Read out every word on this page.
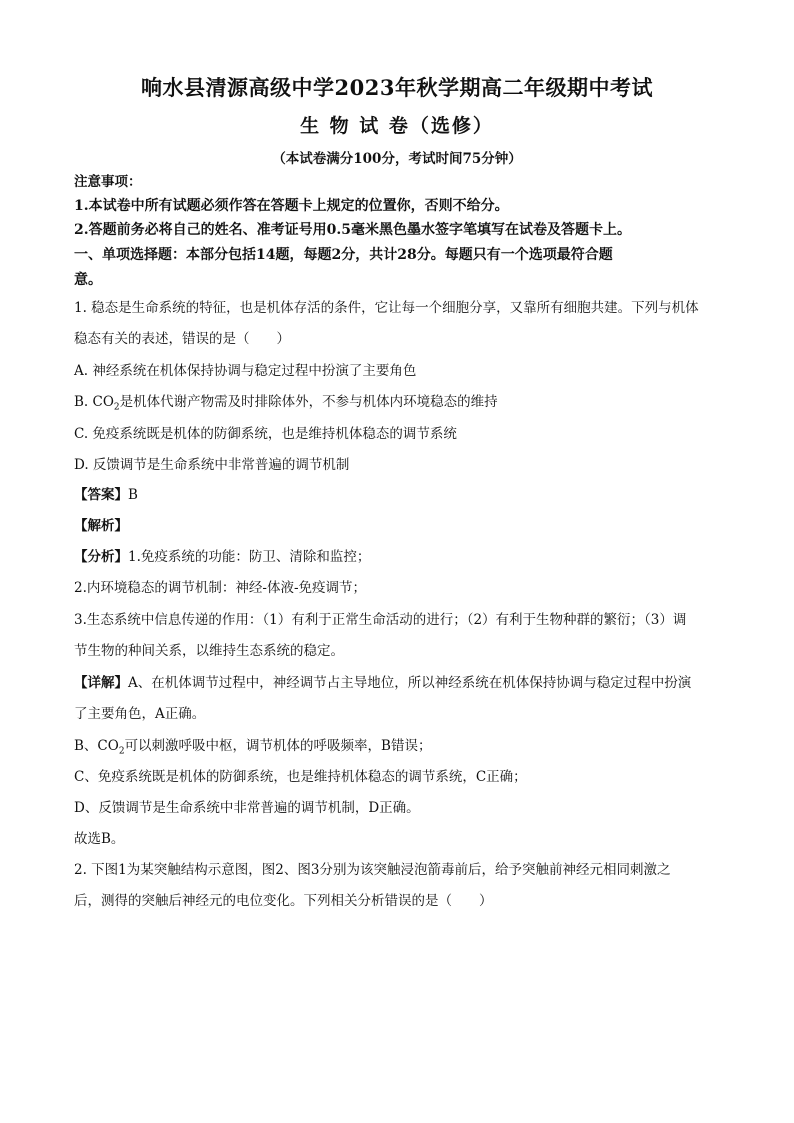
响水县清源高级中学2023年秋学期高二年级期中考试
生 物 试 卷（选修）
（本试卷满分100分，考试时间75分钟）
注意事项：
1.本试卷中所有试题必须作答在答题卡上规定的位置你，否则不给分。
2.答题前务必将自己的姓名、准考证号用0.5毫米黑色墨水签字笔填写在试卷及答题卡上。
一、单项选择题：本部分包括14题，每题2分，共计28分。每题只有一个选项最符合题
意。
1. 稳态是生命系统的特征，也是机体存活的条件，它让每一个细胞分享，又靠所有细胞共建。下列与机体
稳态有关的表述，错误的是（　　）
A. 神经系统在机体保持协调与稳定过程中扮演了主要角色
B. $CO_2$是机体代谢产物需及时排除体外，不参与机体内环境稳态的维持
C. 免疫系统既是机体的防御系统，也是维持机体稳态的调节系统
D. 反馈调节是生命系统中非常普遍的调节机制
【答案】B
【解析】
【分析】1.免疫系统的功能：防卫、清除和监控；
2.内环境稳态的调节机制：神经-体液-免疫调节；
3.生态系统中信息传递的作用：（1）有利于正常生命活动的进行；（2）有利于生物种群的繁衍；（3）调
节生物的种间关系，以维持生态系统的稳定。
【详解】A、在机体调节过程中，神经调节占主导地位，所以神经系统在机体保持协调与稳定过程中扮演
了主要角色，A正确。
B、$CO_2$可以刺激呼吸中枢，调节机体的呼吸频率，B错误；
C、免疫系统既是机体的防御系统，也是维持机体稳态的调节系统，C正确；
D、反馈调节是生命系统中非常普遍的调节机制，D正确。
故选B。
2. 下图1为某突触结构示意图，图2、图3分别为该突触浸泡箭毒前后，给予突触前神经元相同刺激之
后，测得的突触后神经元的电位变化。下列相关分析错误的是（　　）
